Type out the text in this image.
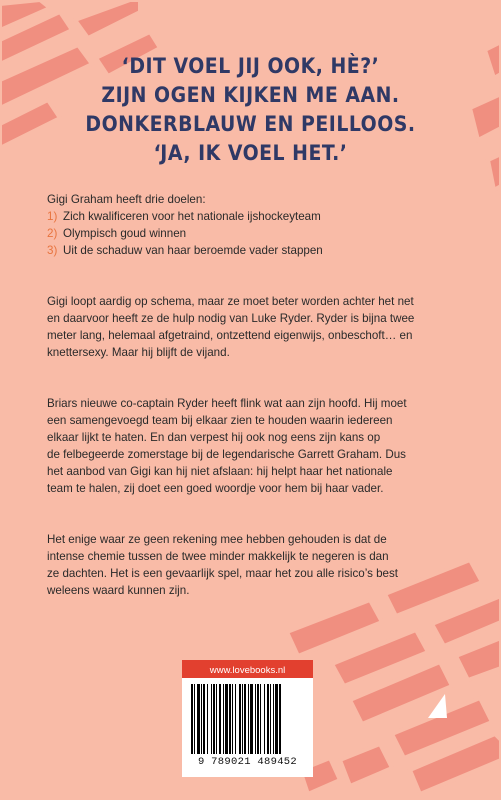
‘DIT VOEL JIJ OOK, HÈ?’
ZIJN OGEN KIJKEN ME AAN.
DONKERBLAUW EN PEILLOOS.
‘JA, IK VOEL HET.’

Gigi Graham heeft drie doelen:

1) Zich kwalificeren voor het nationale ijshockeyteam
2) Olympisch goud winnen
3) Uit de schaduw van haar beroemde vader stappen

Gigi loopt aardig op schema, maar ze moet beter worden achter het net

en daarvoor heeft ze de hulp nodig van Luke Ryder. Ryder is bijna twee

meter lang, helemaal afgetraind, ontzettend eigenwijs, onbeschoft… en

knettersexy. Maar hij blijft de vijand.

Briars nieuwe co-captain Ryder heeft flink wat aan zijn hoofd. Hij moet

een samengevoegd team bij elkaar zien te houden waarin iedereen

elkaar lijkt te haten. En dan verpest hij ook nog eens zijn kans op

de felbegeerde zomerstage bij de legendarische Garrett Graham. Dus

het aanbod van Gigi kan hij niet afslaan: hij helpt haar het nationale

team te halen, zij doet een goed woordje voor hem bij haar vader.

Het enige waar ze geen rekening mee hebben gehouden is dat de

intense chemie tussen de twee minder makkelijk te negeren is dan

ze dachten. Het is een gevaarlijk spel, maar het zou alle risico’s best

weleens waard kunnen zijn.

www.lovebooks.nl
9 789021 489452
